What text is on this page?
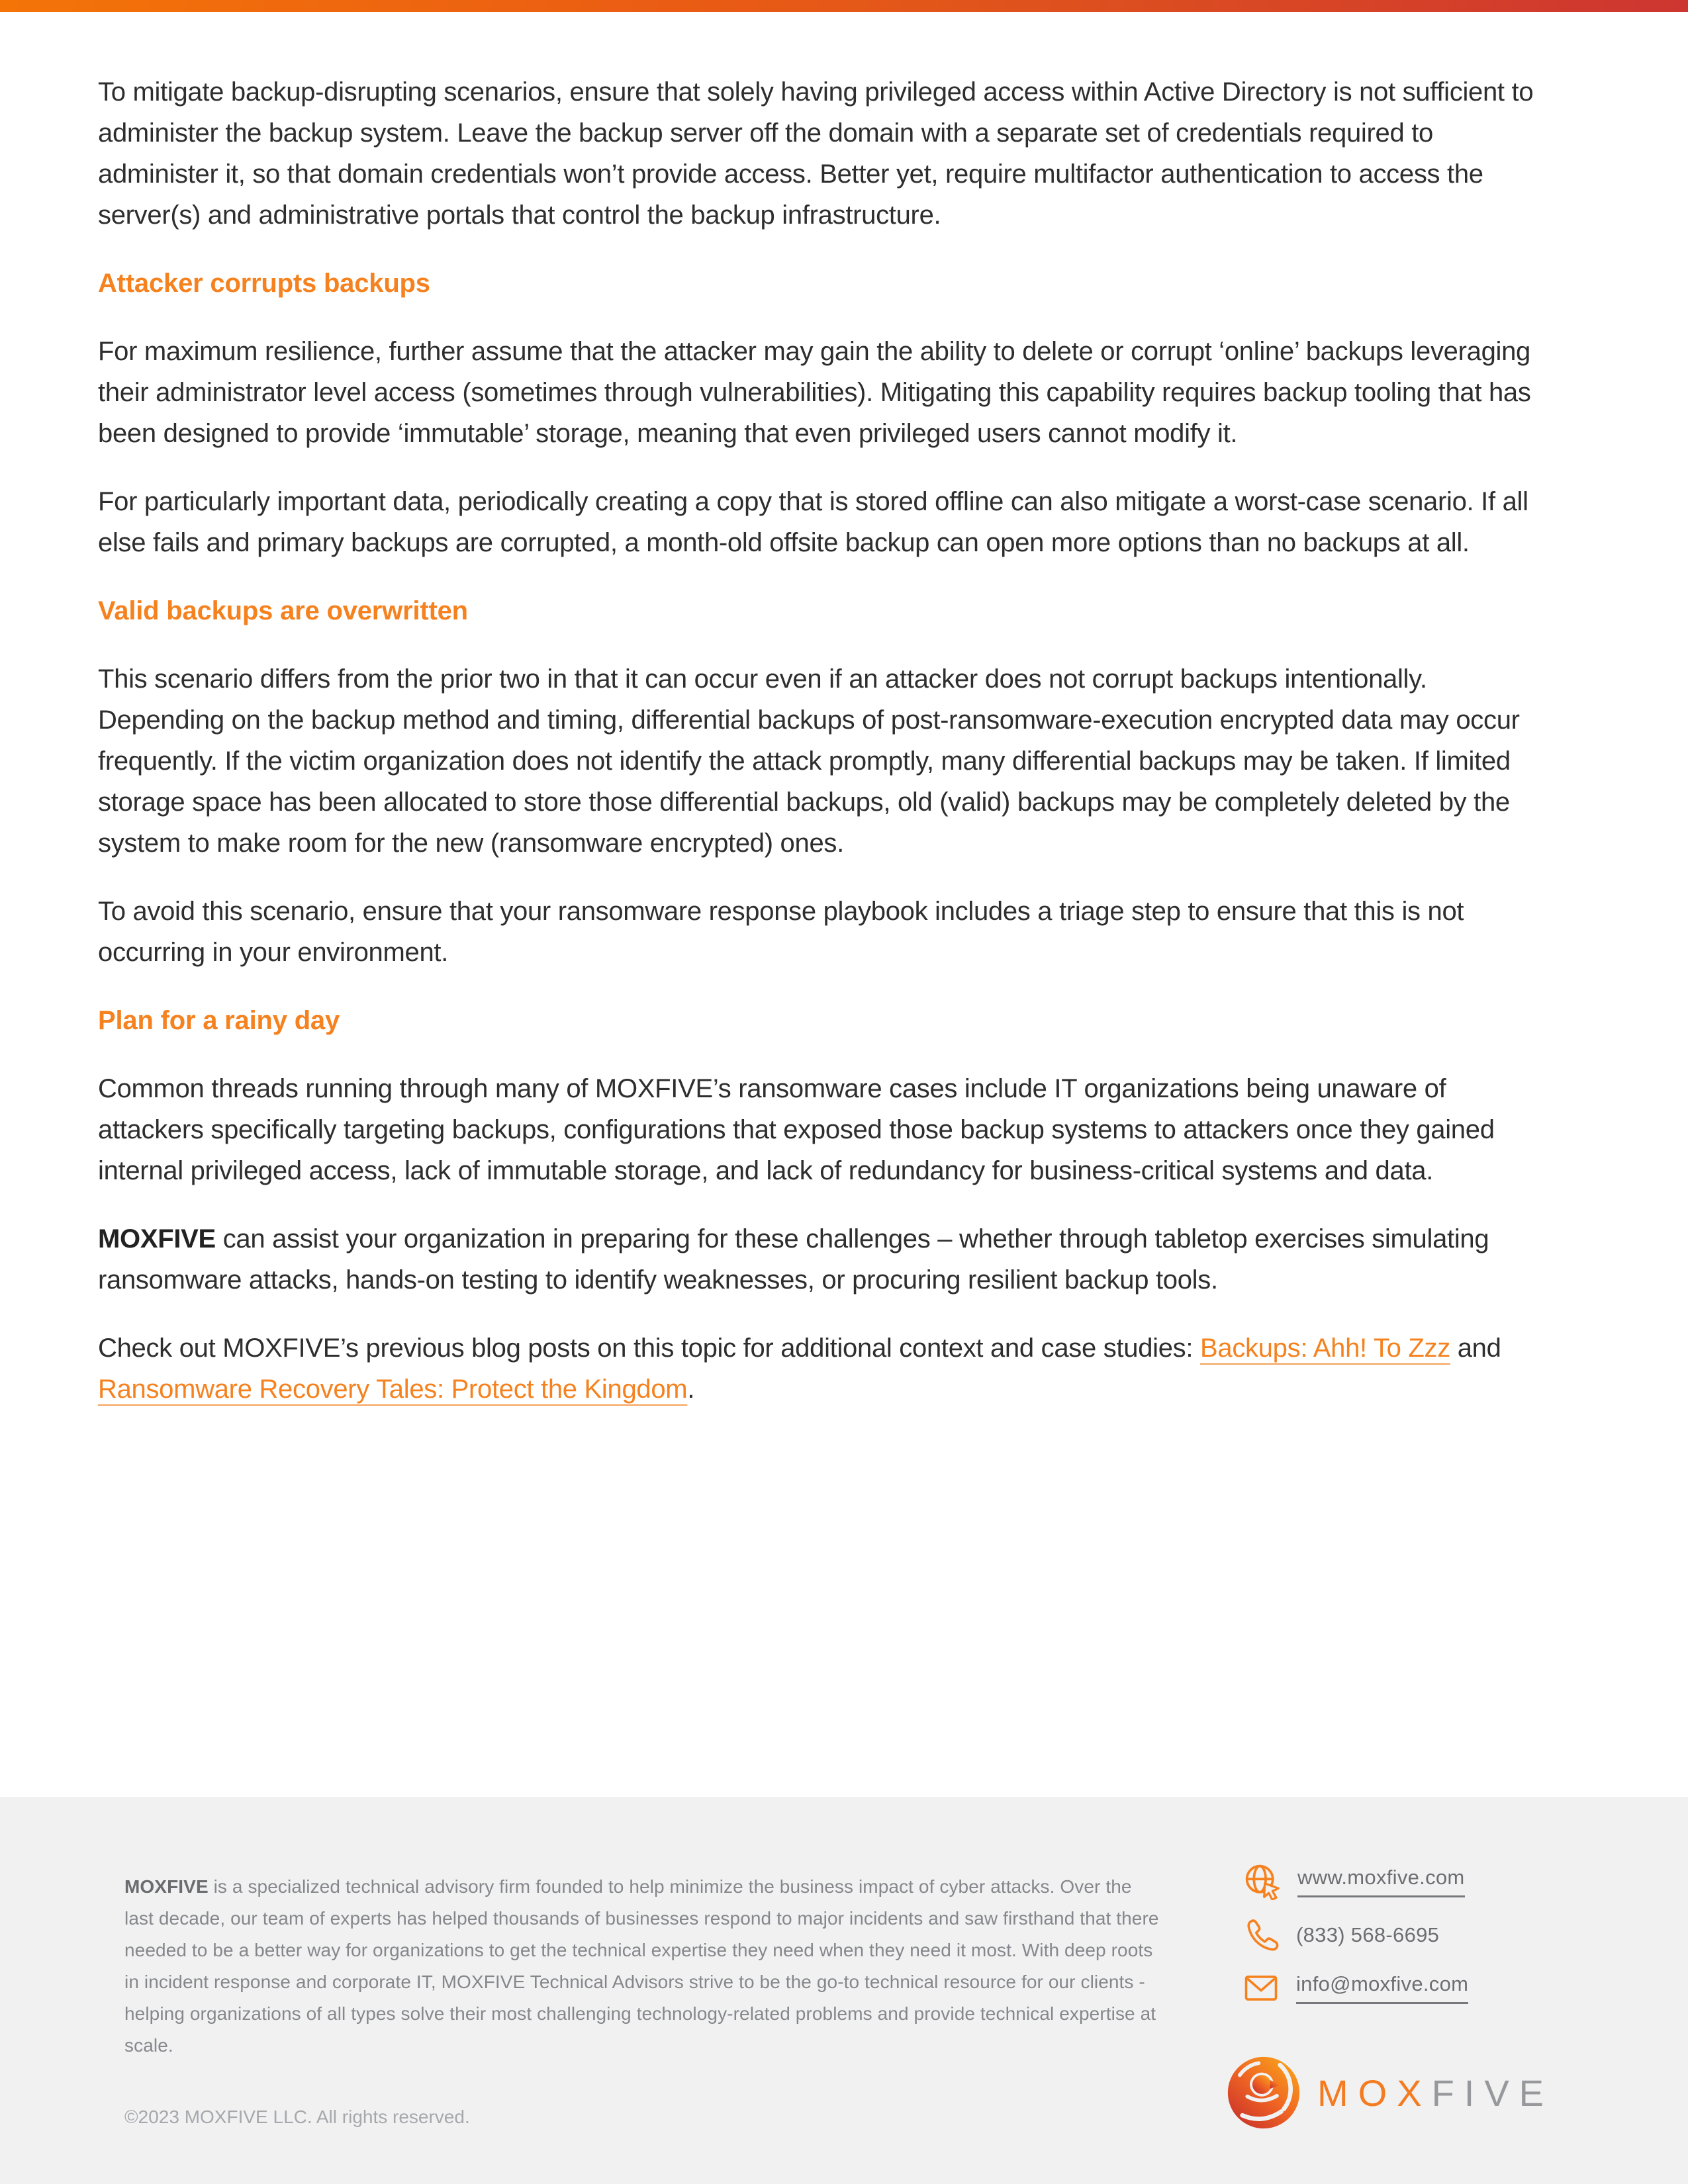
To mitigate backup-disrupting scenarios, ensure that solely having privileged access within Active Directory is not sufficient to administer the backup system. Leave the backup server off the domain with a separate set of credentials required to administer it, so that domain credentials won’t provide access. Better yet, require multifactor authentication to access the server(s) and administrative portals that control the backup infrastructure.

Attacker corrupts backups

For maximum resilience, further assume that the attacker may gain the ability to delete or corrupt ‘online’ backups leveraging their administrator level access (sometimes through vulnerabilities). Mitigating this capability requires backup tooling that has been designed to provide ‘immutable’ storage, meaning that even privileged users cannot modify it.

For particularly important data, periodically creating a copy that is stored offline can also mitigate a worst-case scenario. If all else fails and primary backups are corrupted, a month-old offsite backup can open more options than no backups at all.

Valid backups are overwritten

This scenario differs from the prior two in that it can occur even if an attacker does not corrupt backups intentionally. Depending on the backup method and timing, differential backups of post-ransomware-execution encrypted data may occur frequently. If the victim organization does not identify the attack promptly, many differential backups may be taken. If limited storage space has been allocated to store those differential backups, old (valid) backups may be completely deleted by the system to make room for the new (ransomware encrypted) ones.

To avoid this scenario, ensure that your ransomware response playbook includes a triage step to ensure that this is not occurring in your environment.

Plan for a rainy day

Common threads running through many of MOXFIVE’s ransomware cases include IT organizations being unaware of attackers specifically targeting backups, configurations that exposed those backup systems to attackers once they gained internal privileged access, lack of immutable storage, and lack of redundancy for business-critical systems and data.

MOXFIVE can assist your organization in preparing for these challenges – whether through tabletop exercises simulating ransomware attacks, hands-on testing to identify weaknesses, or procuring resilient backup tools.

Check out MOXFIVE’s previous blog posts on this topic for additional context and case studies: Backups: Ahh! To Zzz and Ransomware Recovery Tales: Protect the Kingdom.

MOXFIVE is a specialized technical advisory firm founded to help minimize the business impact of cyber attacks. Over the last decade, our team of experts has helped thousands of businesses respond to major incidents and saw firsthand that there needed to be a better way for organizations to get the technical expertise they need when they need it most. With deep roots in incident response and corporate IT, MOXFIVE Technical Advisors strive to be the go-to technical resource for our clients - helping organizations of all types solve their most challenging technology-related problems and provide technical expertise at scale.
©2023 MOXFIVE LLC. All rights reserved.
www.moxfive.com
(833) 568-6695
info@moxfive.com
MOXFIVE
